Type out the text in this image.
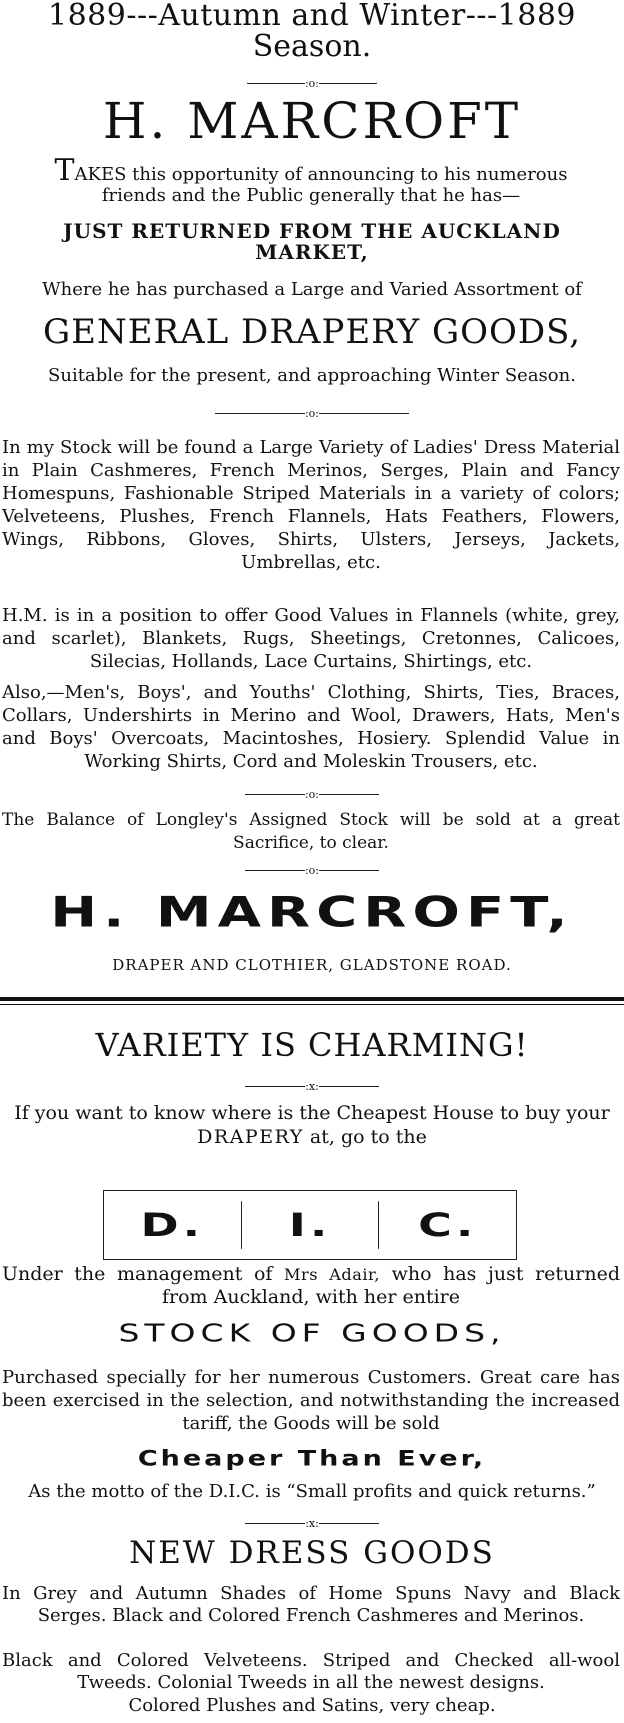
1889---Autumn and Winter---1889
Season.
:o:
H. MARCROFT
TAKES this opportunity of announcing to his numerous
friends and the Public generally that he has—
JUST RETURNED FROM THE AUCKLAND
MARKET,
Where he has purchased a Large and Varied Assortment of
GENERAL DRAPERY GOODS,
Suitable for the present, and approaching Winter Season.
:o:
In my Stock will be found a Large Variety of Ladies' Dress Material in Plain Cashmeres, French Merinos, Serges, Plain and Fancy Homespuns, Fashionable Striped Materials in a variety of colors; Velveteens, Plushes, French Flannels, Hats Feathers, Flowers, Wings, Ribbons, Gloves, Shirts, Ulsters, Jerseys, Jackets, Umbrellas, etc.
H.M. is in a position to offer Good Values in Flannels (white, grey, and scarlet), Blankets, Rugs, Sheetings, Cretonnes, Calicoes, Silecias, Hollands, Lace Curtains, Shirtings, etc.
Also,—Men's, Boys', and Youths' Clothing, Shirts, Ties, Braces, Collars, Undershirts in Merino and Wool, Drawers, Hats, Men's and Boys' Overcoats, Macintoshes, Hosiery. Splendid Value in Working Shirts, Cord and Moleskin Trousers, etc.
:o:
The Balance of Longley's Assigned Stock will be sold at a great Sacrifice, to clear.
:o:
H. MARCROFT,
DRAPER AND CLOTHIER, GLADSTONE ROAD.
VARIETY IS CHARMING!
:x:
If you want to know where is the Cheapest House to buy your
DRAPERY at, go to the
D.	I.	C.
Under the management of Mrs Adair, who has just returned from Auckland, with her entire
STOCK OF GOODS,
Purchased specially for her numerous Customers. Great care has been exercised in the selection, and notwithstanding the increased tariff, the Goods will be sold
Cheaper Than Ever,
As the motto of the D.I.C. is “Small profits and quick returns.”
:x:
NEW DRESS GOODS
In Grey and Autumn Shades of Home Spuns Navy and Black Serges. Black and Colored French Cashmeres and Merinos.
Black and Colored Velveteens. Striped and Checked all-wool Tweeds. Colonial Tweeds in all the newest designs.
Colored Plushes and Satins, very cheap.
